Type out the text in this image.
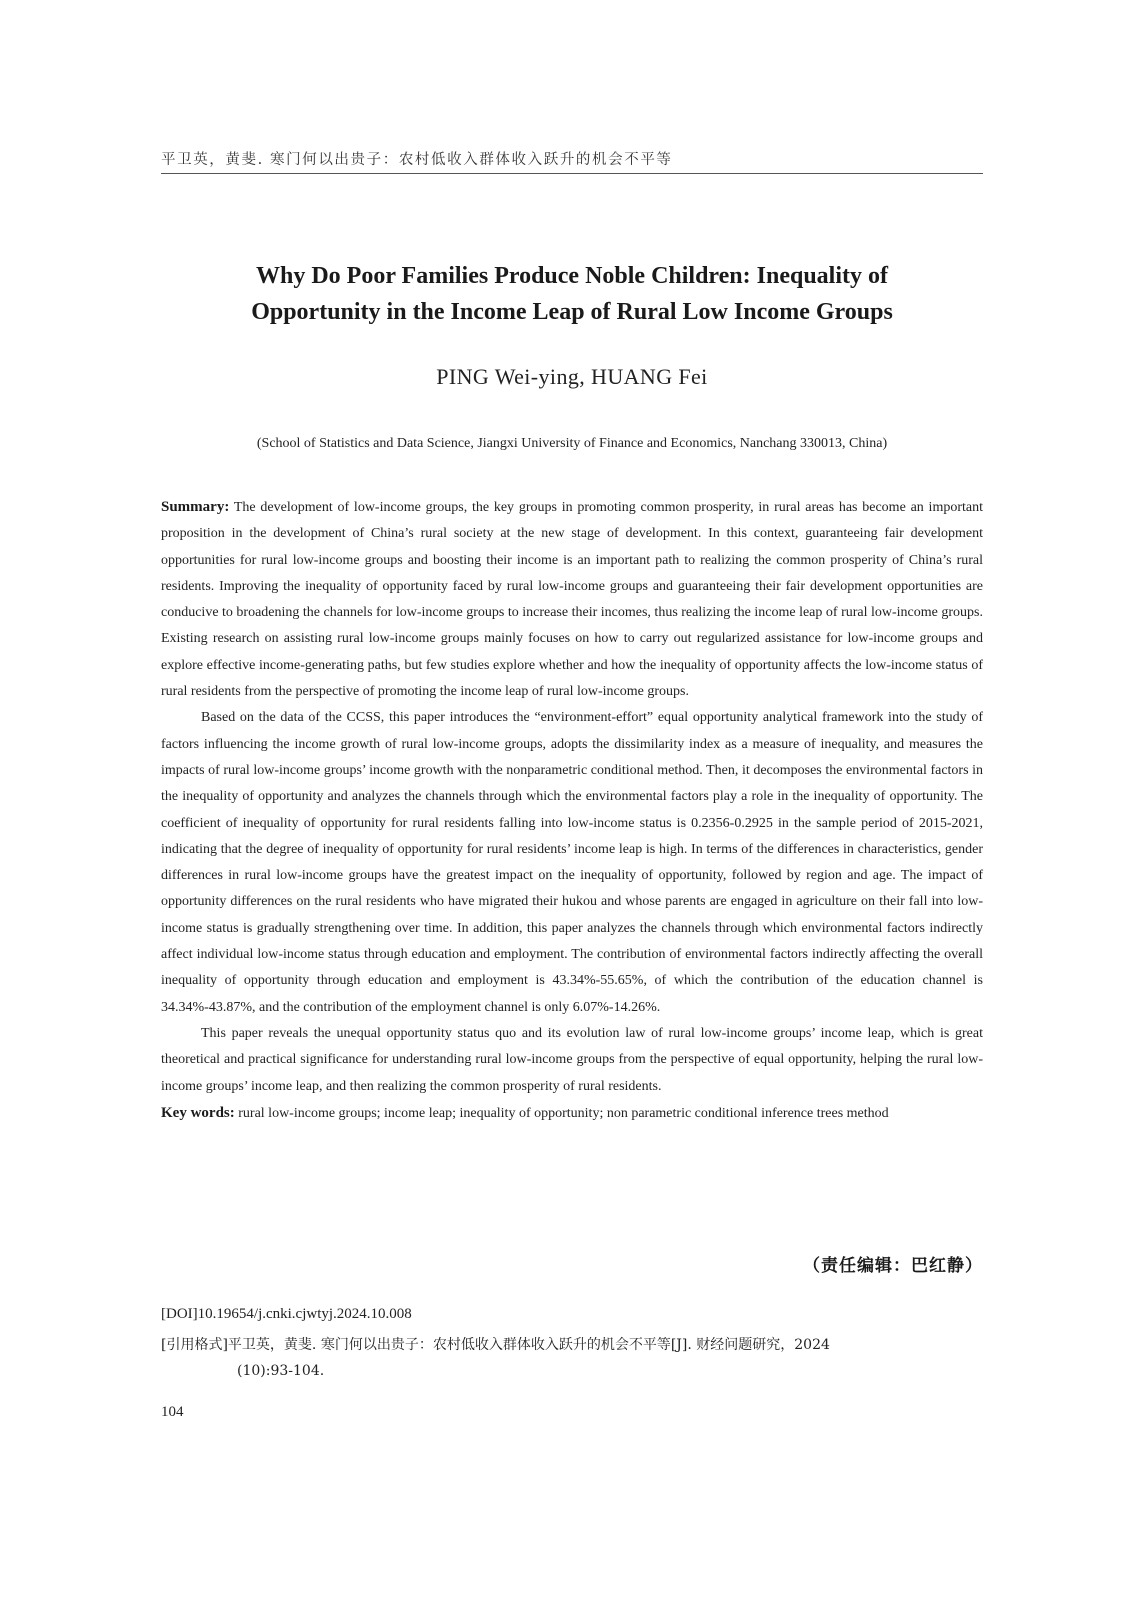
平卫英，黄斐. 寒门何以出贵子：农村低收入群体收入跃升的机会不平等
Why Do Poor Families Produce Noble Children: Inequality of
Opportunity in the Income Leap of Rural Low Income Groups
PING Wei-ying, HUANG Fei
(School of Statistics and Data Science, Jiangxi University of Finance and Economics, Nanchang 330013, China)

Summary: The development of low-income groups, the key groups in promoting common prosperity, in rural areas has become an important proposition in the development of China’s rural society at the new stage of development. In this context, guaranteeing fair development opportunities for rural low-income groups and boosting their income is an important path to realizing the common prosperity of China’s rural residents. Improving the inequality of opportunity faced by rural low-income groups and guaranteeing their fair development opportunities are conducive to broadening the channels for low-income groups to increase their incomes, thus realizing the income leap of rural low-income groups. Existing research on assisting rural low-income groups mainly focuses on how to carry out regularized assistance for low-income groups and explore effective income-generating paths, but few studies explore whether and how the inequality of opportunity affects the low-income status of rural residents from the perspective of promoting the income leap of rural low-income groups.

Based on the data of the CCSS, this paper introduces the “environment-effort” equal opportunity analytical framework into the study of factors influencing the income growth of rural low-income groups, adopts the dissimilarity index as a measure of inequality, and measures the impacts of rural low-income groups’ income growth with the nonparametric conditional method. Then, it decomposes the environmental factors in the inequality of opportunity and analyzes the channels through which the environmental factors play a role in the inequality of opportunity. The coefficient of inequality of opportunity for rural residents falling into low-income status is 0.2356-0.2925 in the sample period of 2015-2021, indicating that the degree of inequality of opportunity for rural residents’ income leap is high. In terms of the differences in characteristics, gender differences in rural low-income groups have the greatest impact on the inequality of opportunity, followed by region and age. The impact of opportunity differences on the rural residents who have migrated their hukou and whose parents are engaged in agriculture on their fall into low-income status is gradually strengthening over time. In addition, this paper analyzes the channels through which environmental factors indirectly affect individual low-income status through education and employment. The contribution of environmental factors indirectly affecting the overall inequality of opportunity through education and employment is 43.34%-55.65%, of which the contribution of the education channel is 34.34%-43.87%, and the contribution of the employment channel is only 6.07%-14.26%.

This paper reveals the unequal opportunity status quo and its evolution law of rural low-income groups’ income leap, which is great theoretical and practical significance for understanding rural low-income groups from the perspective of equal opportunity, helping the rural low-income groups’ income leap, and then realizing the common prosperity of rural residents.

Key words: rural low-income groups; income leap; inequality of opportunity; non parametric conditional inference trees method

（责任编辑：巴红静）
[DOI]10.19654/j.cnki.cjwtyj.2024.10.008
[引用格式]平卫英，黄斐. 寒门何以出贵子：农村低收入群体收入跃升的机会不平等[J]. 财经问题研究，2024
(10):93-104.
104
